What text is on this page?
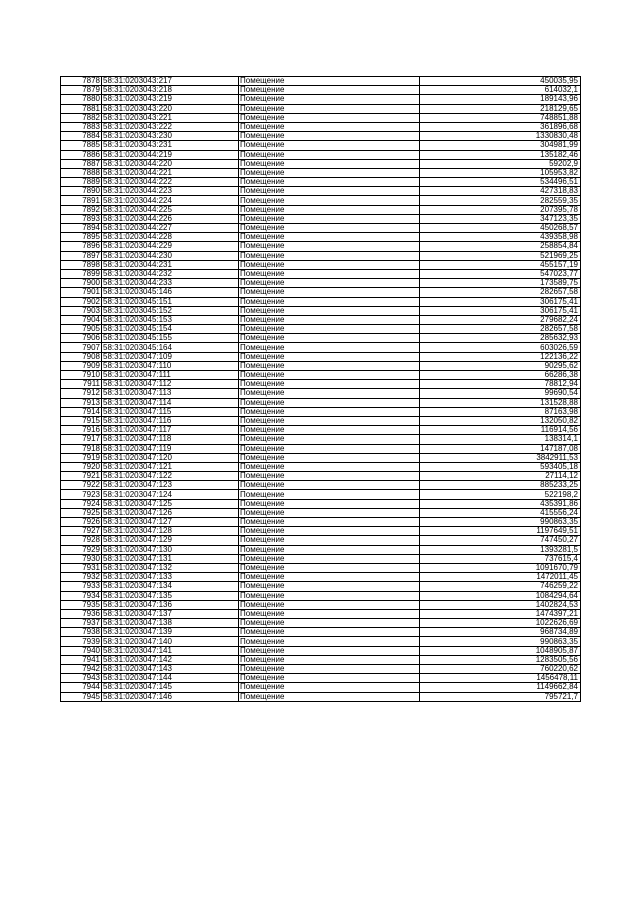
7878	58:31:0203043:217	Помещение	450035,95
7879	58:31:0203043:218	Помещение	614032,1
7880	58:31:0203043:219	Помещение	189143,96
7881	58:31:0203043:220	Помещение	218129,65
7882	58:31:0203043:221	Помещение	748851,88
7883	58:31:0203043:222	Помещение	361896,68
7884	58:31:0203043:230	Помещение	1330830,48
7885	58:31:0203043:231	Помещение	304981,99
7886	58:31:0203044:219	Помещение	135182,46
7887	58:31:0203044:220	Помещение	59202,9
7888	58:31:0203044:221	Помещение	105953,82
7889	58:31:0203044:222	Помещение	534496,51
7890	58:31:0203044:223	Помещение	427318,83
7891	58:31:0203044:224	Помещение	282559,35
7892	58:31:0203044:225	Помещение	207395,78
7893	58:31:0203044:226	Помещение	347123,35
7894	58:31:0203044:227	Помещение	450268,57
7895	58:31:0203044:228	Помещение	439358,98
7896	58:31:0203044:229	Помещение	258854,84
7897	58:31:0203044:230	Помещение	521969,25
7898	58:31:0203044:231	Помещение	455157,19
7899	58:31:0203044:232	Помещение	547023,77
7900	58:31:0203044:233	Помещение	173589,75
7901	58:31:0203045:146	Помещение	282657,58
7902	58:31:0203045:151	Помещение	306175,41
7903	58:31:0203045:152	Помещение	306175,41
7904	58:31:0203045:153	Помещение	279682,24
7905	58:31:0203045:154	Помещение	282657,58
7906	58:31:0203045:155	Помещение	285632,93
7907	58:31:0203045:164	Помещение	603026,59
7908	58:31:0203047:109	Помещение	122136,22
7909	58:31:0203047:110	Помещение	90295,62
7910	58:31:0203047:111	Помещение	66286,38
7911	58:31:0203047:112	Помещение	78812,94
7912	58:31:0203047:113	Помещение	99690,54
7913	58:31:0203047:114	Помещение	131528,88
7914	58:31:0203047:115	Помещение	87163,98
7915	58:31:0203047:116	Помещение	132050,82
7916	58:31:0203047:117	Помещение	116914,56
7917	58:31:0203047:118	Помещение	138314,1
7918	58:31:0203047:119	Помещение	147187,08
7919	58:31:0203047:120	Помещение	3842911,53
7920	58:31:0203047:121	Помещение	593405,18
7921	58:31:0203047:122	Помещение	27114,12
7922	58:31:0203047:123	Помещение	885233,25
7923	58:31:0203047:124	Помещение	522198,2
7924	58:31:0203047:125	Помещение	435391,86
7925	58:31:0203047:126	Помещение	415556,24
7926	58:31:0203047:127	Помещение	990863,35
7927	58:31:0203047:128	Помещение	1197649,51
7928	58:31:0203047:129	Помещение	747450,27
7929	58:31:0203047:130	Помещение	1393281,5
7930	58:31:0203047:131	Помещение	737615,4
7931	58:31:0203047:132	Помещение	1091670,79
7932	58:31:0203047:133	Помещение	1472011,45
7933	58:31:0203047:134	Помещение	746259,22
7934	58:31:0203047:135	Помещение	1084294,64
7935	58:31:0203047:136	Помещение	1402824,53
7936	58:31:0203047:137	Помещение	1474397,21
7937	58:31:0203047:138	Помещение	1022626,69
7938	58:31:0203047:139	Помещение	968734,89
7939	58:31:0203047:140	Помещение	990863,35
7940	58:31:0203047:141	Помещение	1048905,87
7941	58:31:0203047:142	Помещение	1283505,56
7942	58:31:0203047:143	Помещение	760220,62
7943	58:31:0203047:144	Помещение	1456478,11
7944	58:31:0203047:145	Помещение	1149662,84
7945	58:31:0203047:146	Помещение	795721,7
